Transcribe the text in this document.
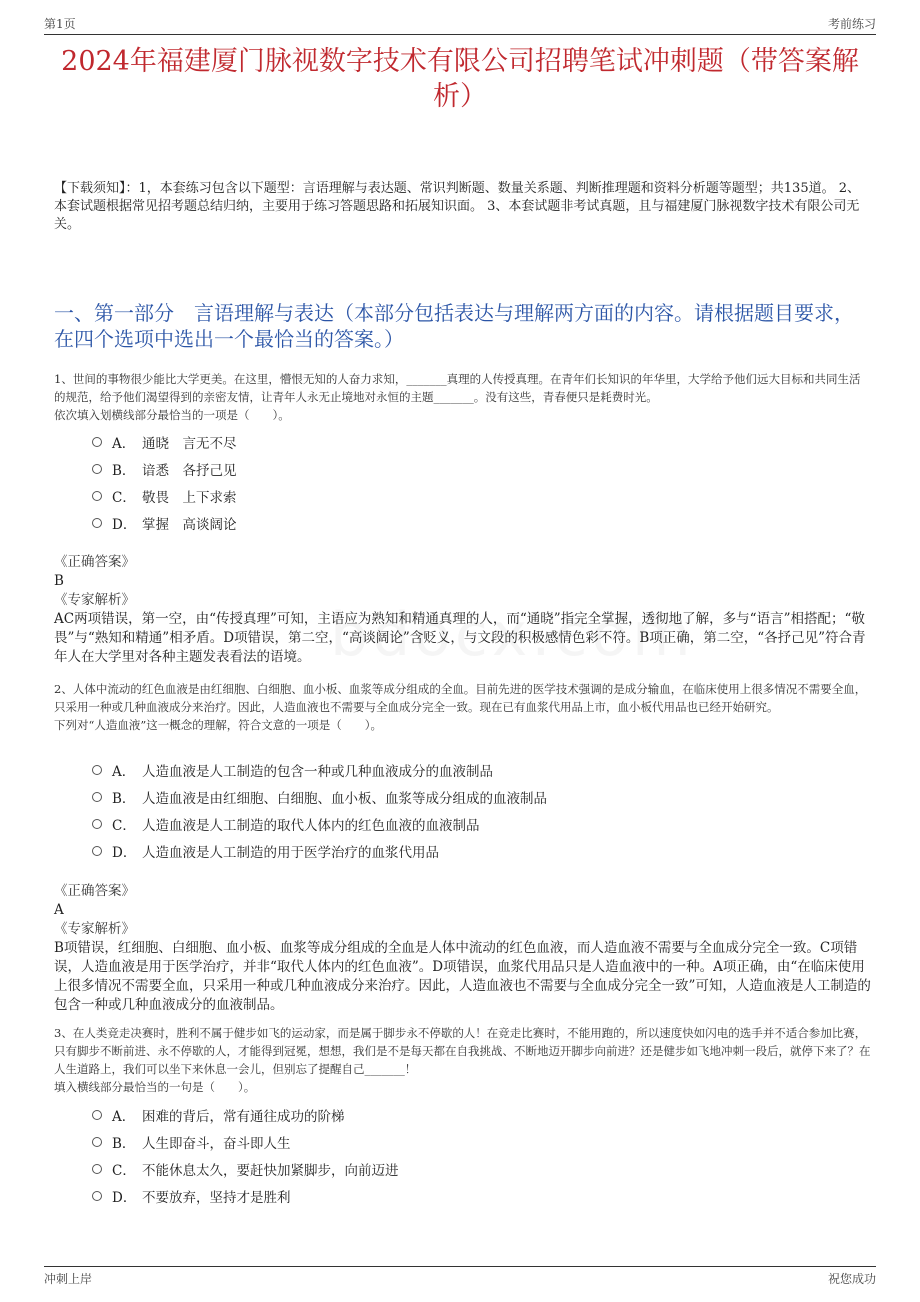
第1页	考前练习
2024年福建厦门脉视数字技术有限公司招聘笔试冲刺题（带答案解析）
【下载须知】：1，本套练习包含以下题型：言语理解与表达题、常识判断题、数量关系题、判断推理题和资料分析题等题型；共135道。 2、本套试题根据常见招考题总结归纳，主要用于练习答题思路和拓展知识面。 3、本套试题非考试真题，且与福建厦门脉视数字技术有限公司无关。
一、第一部分　言语理解与表达（本部分包括表达与理解两方面的内容。请根据题目要求，在四个选项中选出一个最恰当的答案。）
1、世间的事物很少能比大学更美。在这里，懵恨无知的人奋力求知，_______真理的人传授真理。在青年们长知识的年华里，大学给予他们远大目标和共同生活的规范，给予他们渴望得到的亲密友情，让青年人永无止境地对永恒的主题_______。没有这些，青春便只是耗费时光。
依次填入划横线部分最恰当的一项是（　　）。
A． 通晓　言无不尽
B． 谙悉　各抒己见
C． 敬畏　上下求索
D． 掌握　高谈阔论
《正确答案》
B
《专家解析》
AC两项错误，第一空，由“传授真理”可知，主语应为熟知和精通真理的人，而“通晓”指完全掌握，透彻地了解，多与“语言”相搭配；“敬畏”与“熟知和精通”相矛盾。D项错误，第二空，“高谈阔论”含贬义，与文段的积极感情色彩不符。B项正确，第二空，“各抒己见”符合青年人在大学里对各种主题发表看法的语境。
2、人体中流动的红色血液是由红细胞、白细胞、血小板、血浆等成分组成的全血。目前先进的医学技术强调的是成分输血，在临床使用上很多情况不需要全血，只采用一种或几种血液成分来治疗。因此，人造血液也不需要与全血成分完全一致。现在已有血浆代用品上市，血小板代用品也已经开始研究。
下列对“人造血液”这一概念的理解，符合文意的一项是（　　）。
A． 人造血液是人工制造的包含一种或几种血液成分的血液制品
B． 人造血液是由红细胞、白细胞、血小板、血浆等成分组成的血液制品
C． 人造血液是人工制造的取代人体内的红色血液的血液制品
D． 人造血液是人工制造的用于医学治疗的血浆代用品
《正确答案》
A
《专家解析》
B项错误，红细胞、白细胞、血小板、血浆等成分组成的全血是人体中流动的红色血液，而人造血液不需要与全血成分完全一致。C项错误，人造血液是用于医学治疗，并非“取代人体内的红色血液”。D项错误，血浆代用品只是人造血液中的一种。A项正确，由“在临床使用上很多情况不需要全血，只采用一种或几种血液成分来治疗。因此，人造血液也不需要与全血成分完全一致”可知，人造血液是人工制造的包含一种或几种血液成分的血液制品。
3、在人类竞走决赛时，胜利不属于健步如飞的运动家，而是属于脚步永不停歇的人！在竞走比赛时，不能用跑的，所以速度快如闪电的选手并不适合参加比赛，只有脚步不断前进、永不停歇的人，才能得到冠冕，想想，我们是不是每天都在自我挑战、不断地迈开脚步向前进？还是健步如飞地冲刺一段后，就停下来了？在人生道路上，我们可以坐下来休息一会儿，但别忘了提醒自己_______！
填入横线部分最恰当的一句是（　　）。
A． 困难的背后，常有通往成功的阶梯
B． 人生即奋斗，奋斗即人生
C． 不能休息太久，要赶快加紧脚步，向前迈进
D． 不要放弃，坚持才是胜利
冲刺上岸	祝您成功
